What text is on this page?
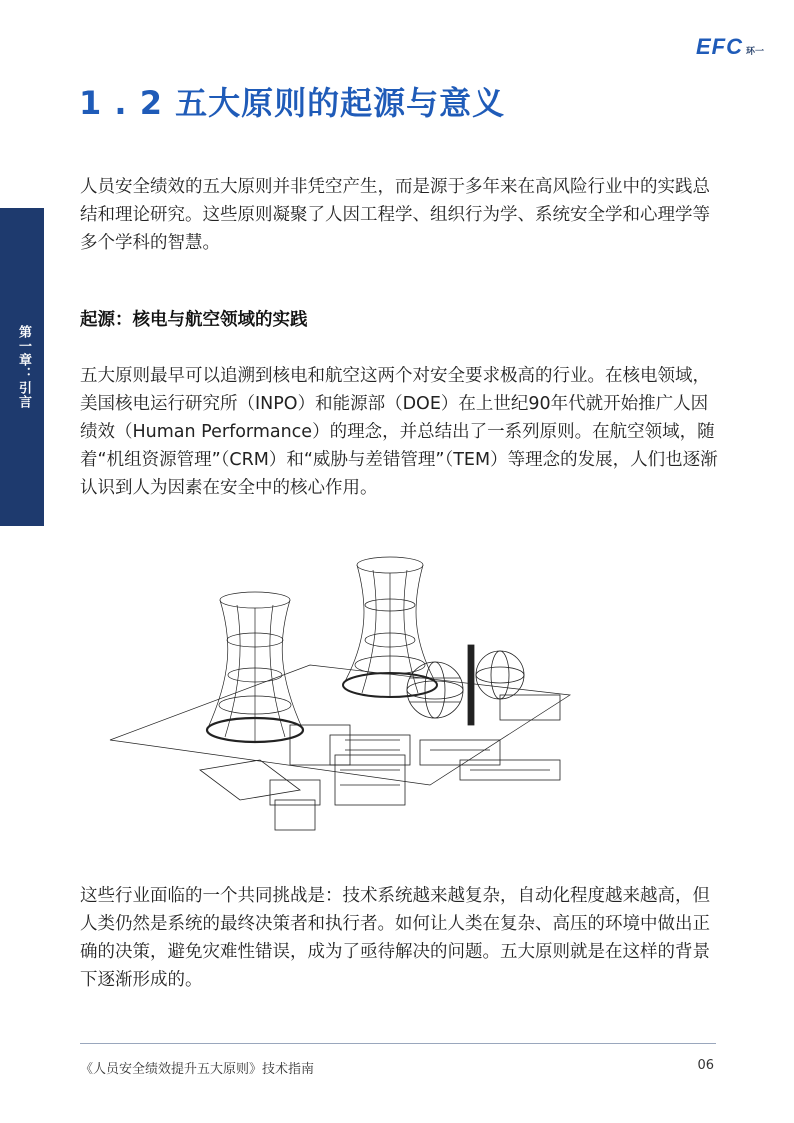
EFC 环一
第一章：引言
1 . 2 五大原则的起源与意义

人员安全绩效的五大原则并非凭空产生，而是源于多年来在高风险行业中的实践总结和理论研究。这些原则凝聚了人因工程学、组织行为学、系统安全学和心理学等多个学科的智慧。

起源：核电与航空领域的实践

五大原则最早可以追溯到核电和航空这两个对安全要求极高的行业。在核电领域，美国核电运行研究所（INPO）和能源部（DOE）在上世纪90年代就开始推广人因绩效（Human Performance）的理念，并总结出了一系列原则。在航空领域，随着“机组资源管理”（CRM）和“威胁与差错管理”（TEM）等理念的发展，人们也逐渐认识到人为因素在安全中的核心作用。

这些行业面临的一个共同挑战是：技术系统越来越复杂，自动化程度越来越高，但人类仍然是系统的最终决策者和执行者。如何让人类在复杂、高压的环境中做出正确的决策，避免灾难性错误，成为了亟待解决的问题。五大原则就是在这样的背景下逐渐形成的。

《人员安全绩效提升五大原则》技术指南	06
